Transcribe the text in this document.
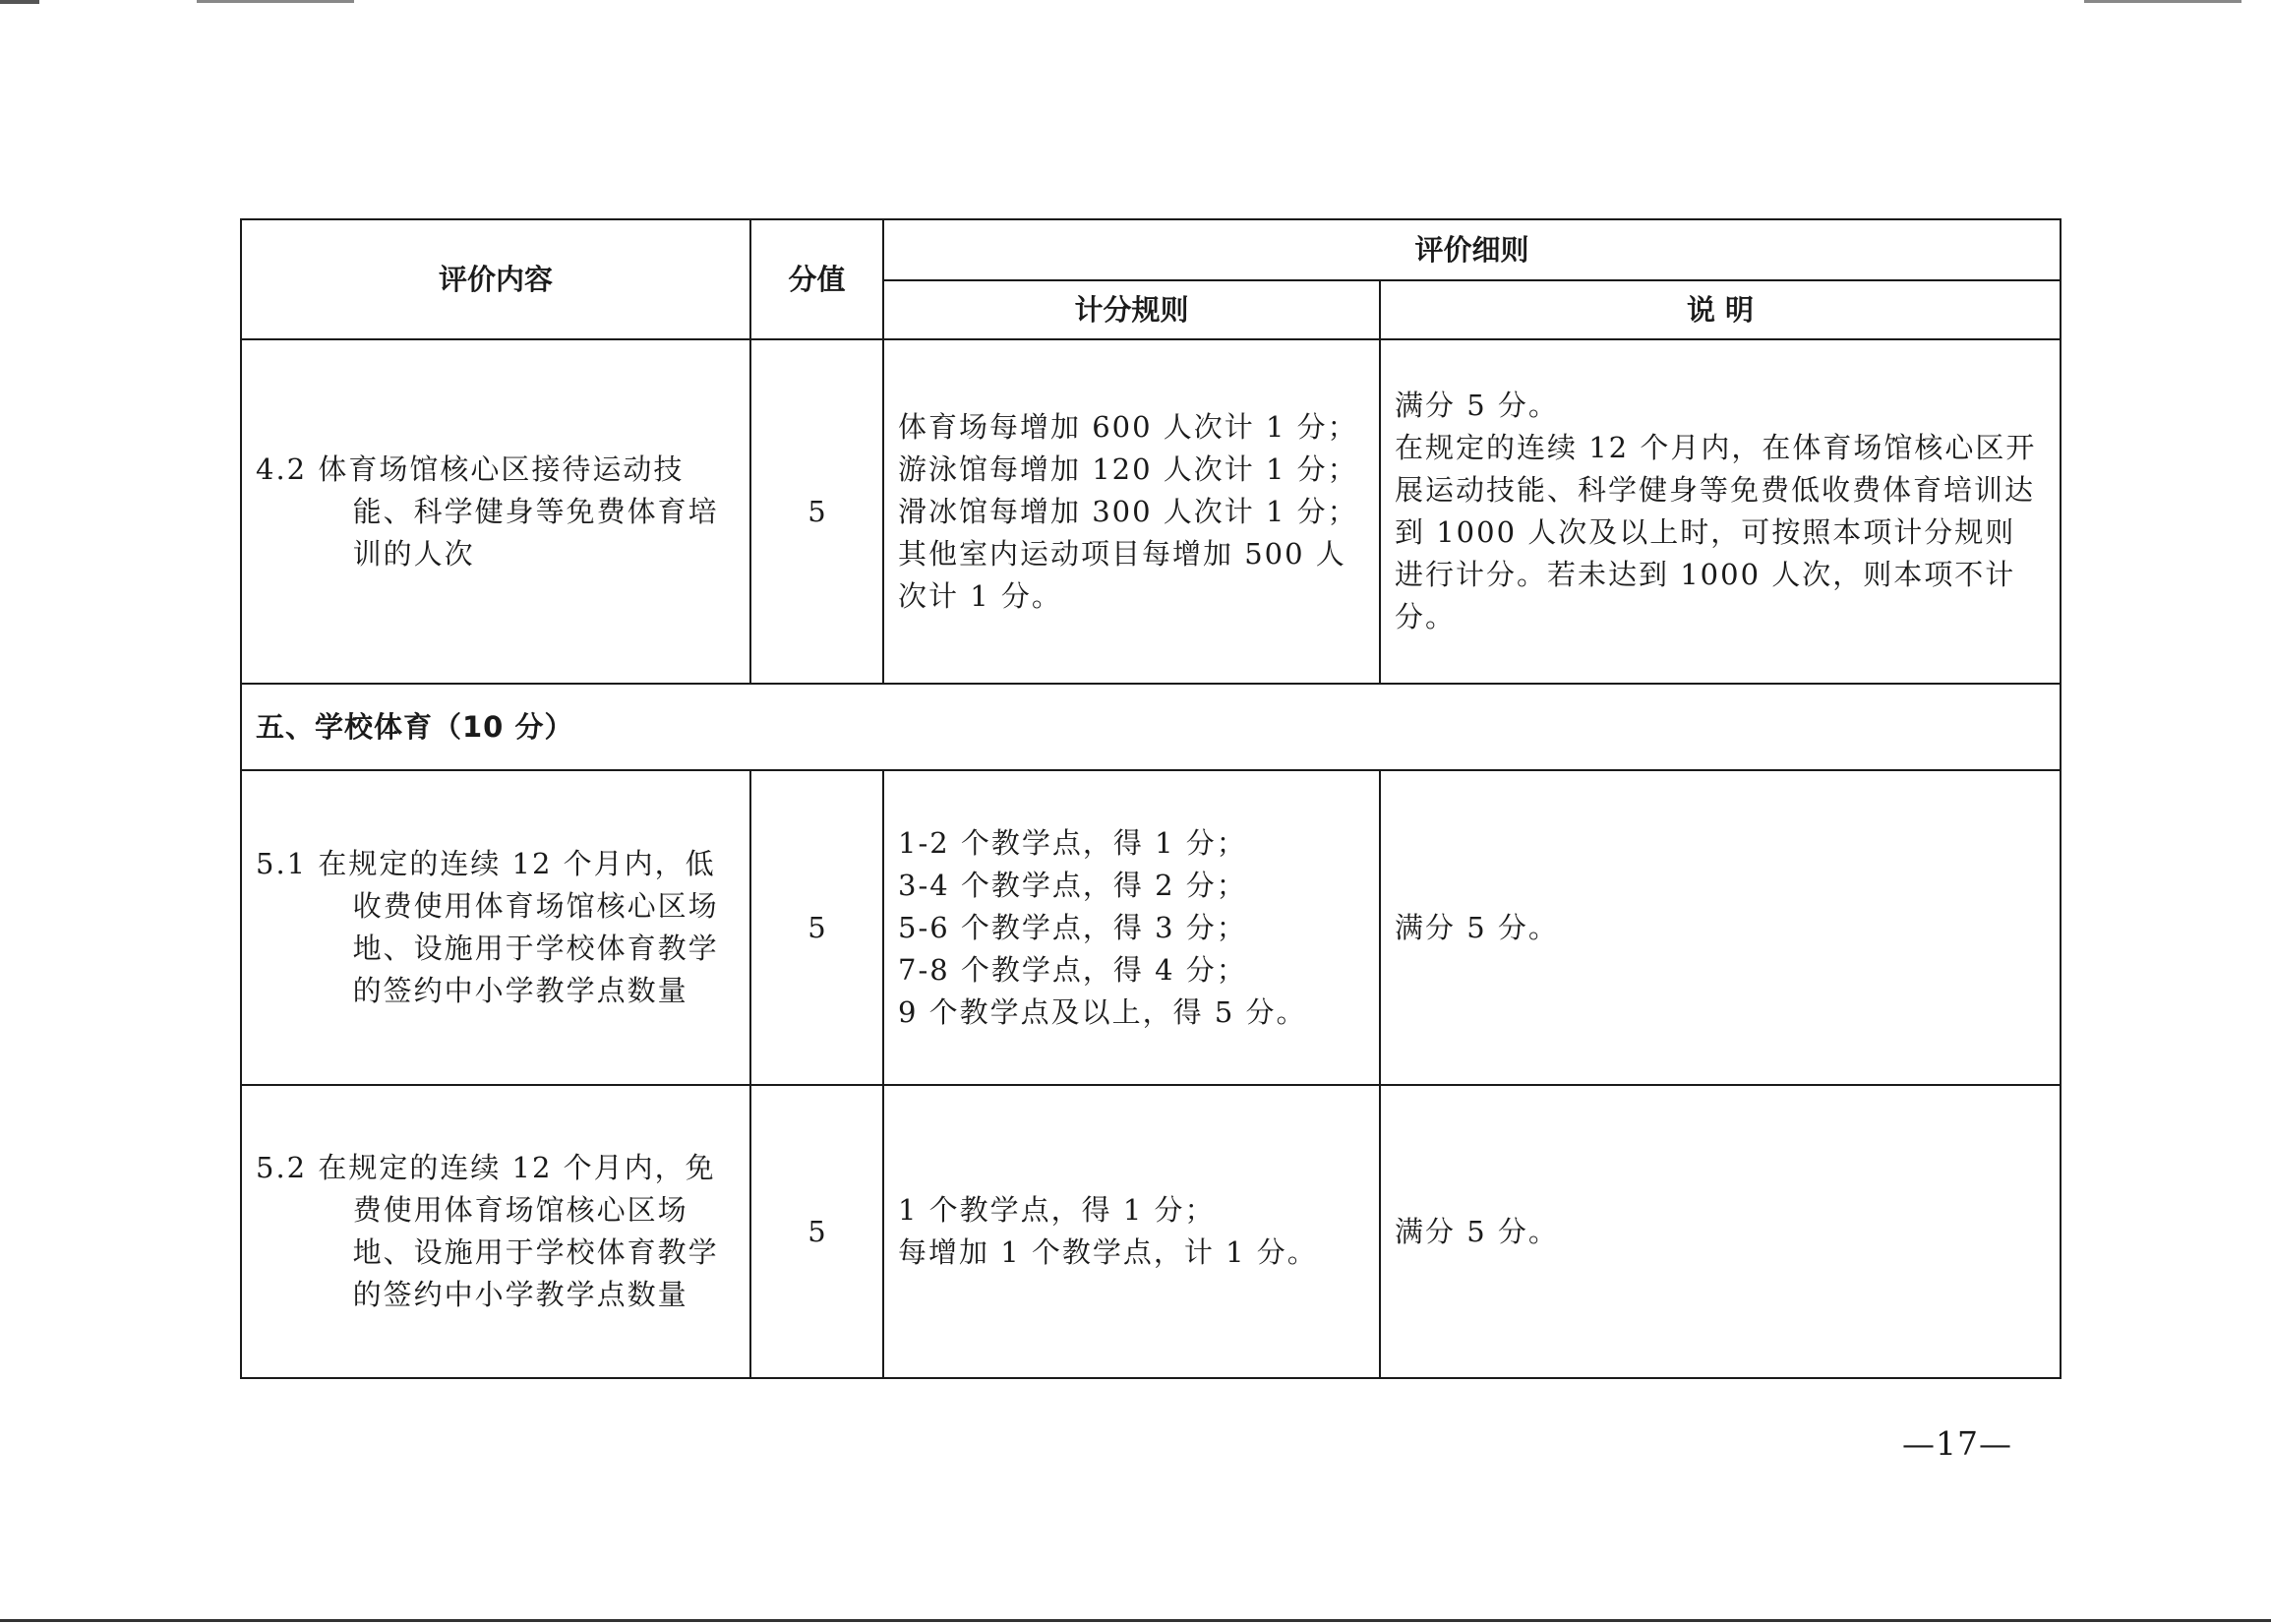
评价内容	分值	评价细则	
		计分规则	说 明

4.2 体育场馆核心区接待运动技能、科学健身等免费体育培训的人次	5	体育场每增加 600 人次计 1 分；
游泳馆每增加 120 人次计 1 分；
滑冰馆每增加 300 人次计 1 分；
其他室内运动项目每增加 500 人次计 1 分。	满分 5 分。
在规定的连续 12 个月内，在体育场馆核心区开展运动技能、科学健身等免费低收费体育培训达到 1000 人次及以上时，可按照本项计分规则进行计分。若未达到 1000 人次，则本项不计分。

五、学校体育（10 分）			

5.1 在规定的连续 12 个月内，低收费使用体育场馆核心区场地、设施用于学校体育教学的签约中小学教学点数量	5	1-2 个教学点，得 1 分；
3-4 个教学点，得 2 分；
5-6 个教学点，得 3 分；
7-8 个教学点，得 4 分；
9 个教学点及以上，得 5 分。	满分 5 分。

5.2 在规定的连续 12 个月内，免费使用体育场馆核心区场地、设施用于学校体育教学的签约中小学教学点数量	5	1 个教学点，得 1 分；
每增加 1 个教学点，计 1 分。	满分 5 分。
—17—
